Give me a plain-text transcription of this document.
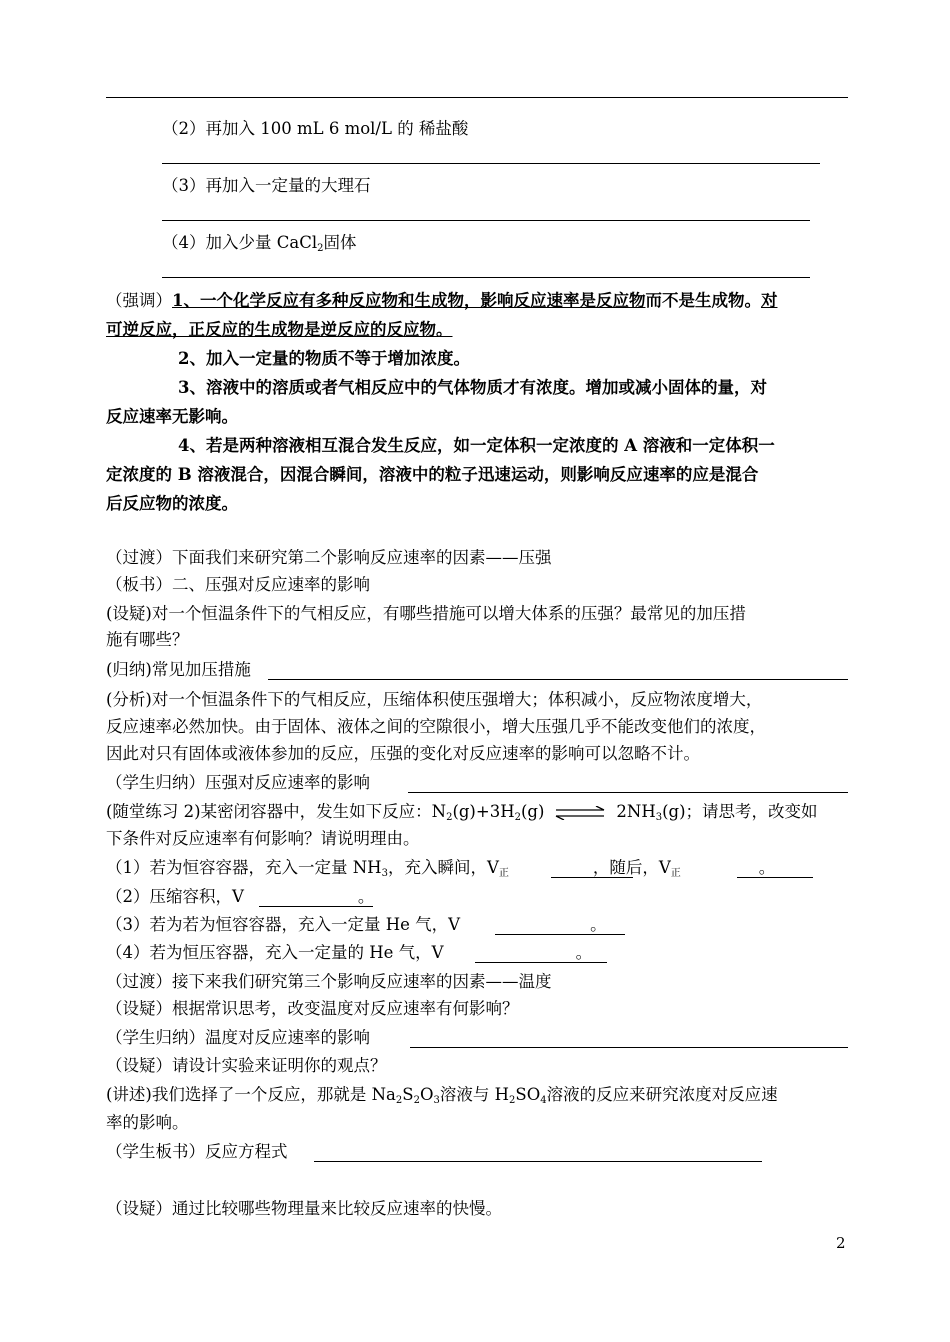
（2）再加入 100 mL 6 mol/L 的 稀盐酸
（3）再加入一定量的大理石
（4）加入少量 CaCl2固体
（强调）1、一个化学反应有多种反应物和生成物，影响反应速率是反应物而不是生成物。对
可逆反应，正反应的生成物是逆反应的反应物。
2、加入一定量的物质不等于增加浓度。
3、溶液中的溶质或者气相反应中的气体物质才有浓度。增加或减小固体的量，对
反应速率无影响。
4、若是两种溶液相互混合发生反应，如一定体积一定浓度的 A 溶液和一定体积一
定浓度的 B 溶液混合，因混合瞬间，溶液中的粒子迅速运动，则影响反应速率的应是混合
后反应物的浓度。
（过渡）下面我们来研究第二个影响反应速率的因素——压强
（板书）二、压强对反应速率的影响
(设疑)对一个恒温条件下的气相反应，有哪些措施可以增大体系的压强？最常见的加压措
施有哪些？
(归纳)常见加压措施
(分析)对一个恒温条件下的气相反应，压缩体积使压强增大；体积减小，反应物浓度增大，
反应速率必然加快。由于固体、液体之间的空隙很小，增大压强几乎不能改变他们的浓度，
因此对只有固体或液体参加的反应，压强的变化对反应速率的影响可以忽略不计。
（学生归纳）压强对反应速率的影响
(随堂练习 2)某密闭容器中，发生如下反应：N2(g)+3H2(g) ⇌ 2NH3(g)；请思考，改变如
下条件对反应速率有何影响？请说明理由。
（1）若为恒容容器，充入一定量 NH3，充入瞬间，V正	，随后，V正	。
（2）压缩容积，V	。
（3）若为若为恒容容器，充入一定量 He 气，V	。
（4）若为恒压容器，充入一定量的 He 气，V	。
（过渡）接下来我们研究第三个影响反应速率的因素——温度
（设疑）根据常识思考，改变温度对反应速率有何影响？
（学生归纳）温度对反应速率的影响
（设疑）请设计实验来证明你的观点？
(讲述)我们选择了一个反应，那就是 Na2S2O3溶液与 H2SO4溶液的反应来研究浓度对反应速
率的影响。
（学生板书）反应方程式
（设疑）通过比较哪些物理量来比较反应速率的快慢。
2
